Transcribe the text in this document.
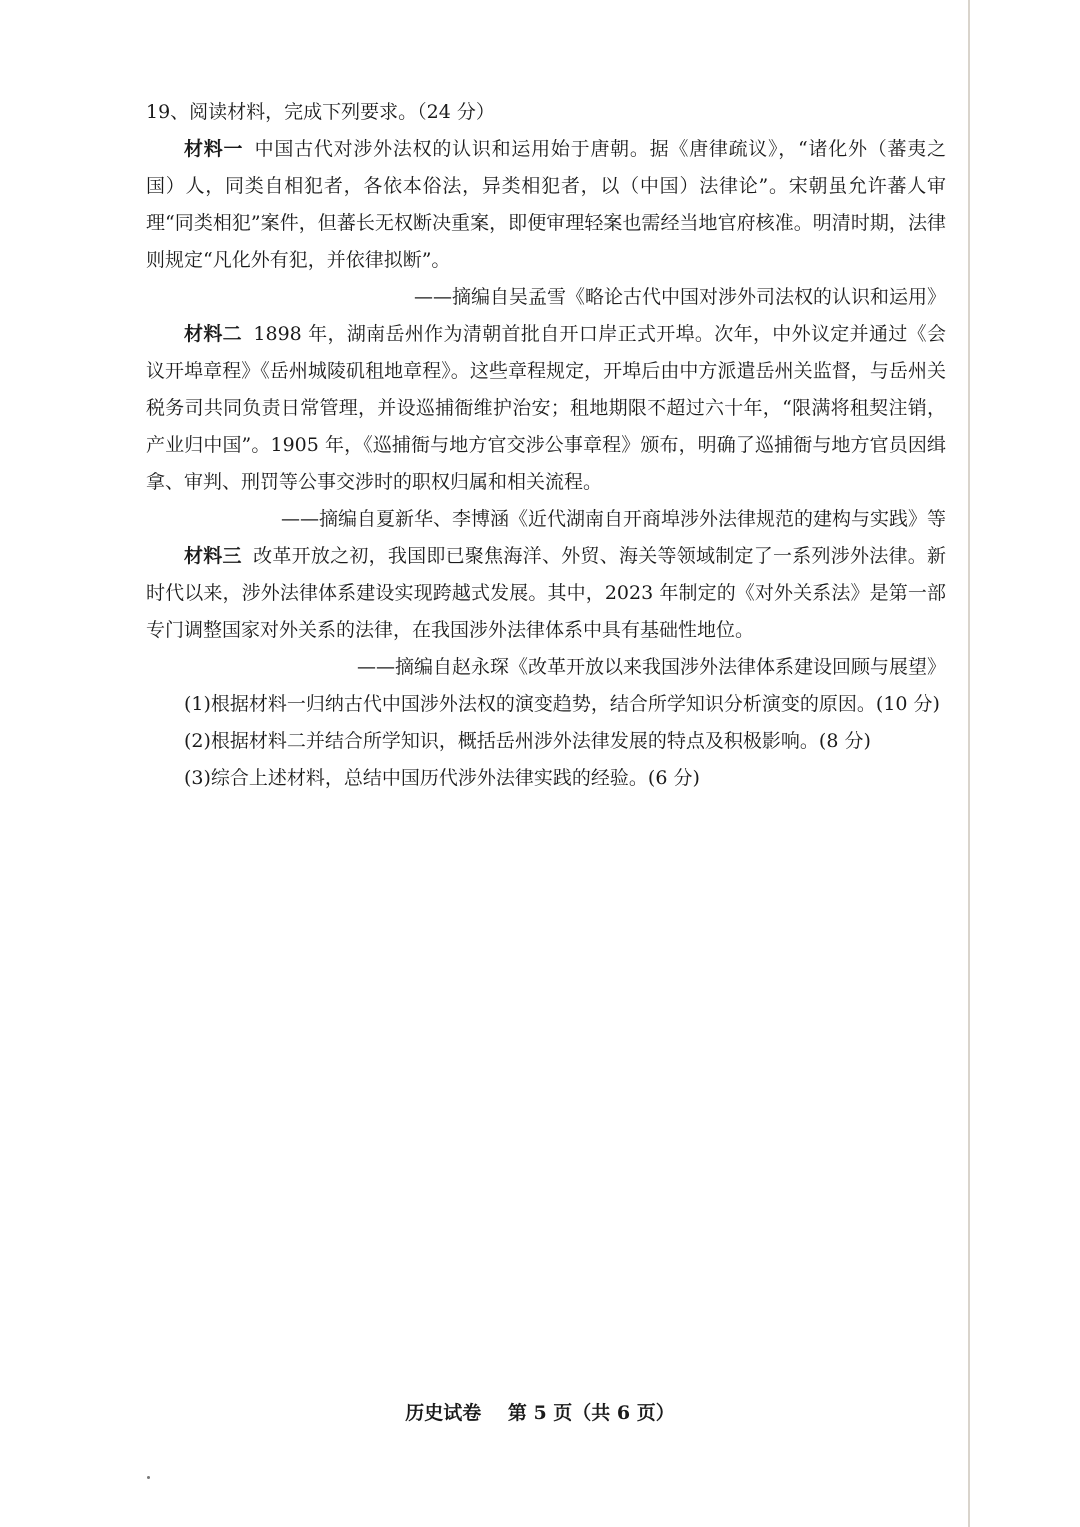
19、阅读材料，完成下列要求。（24 分）

材料一 中国古代对涉外法权的认识和运用始于唐朝。据《唐律疏议》，“诸化外（蕃夷之国）人，同类自相犯者，各依本俗法，异类相犯者，以（中国）法律论”。宋朝虽允许蕃人审理“同类相犯”案件，但蕃长无权断决重案，即便审理轻案也需经当地官府核准。明清时期，法律则规定“凡化外有犯，并依律拟断”。

——摘编自吴孟雪《略论古代中国对涉外司法权的认识和运用》

材料二 1898 年，湖南岳州作为清朝首批自开口岸正式开埠。次年，中外议定并通过《会议开埠章程》《岳州城陵矶租地章程》。这些章程规定，开埠后由中方派遣岳州关监督，与岳州关税务司共同负责日常管理，并设巡捕衙维护治安；租地期限不超过六十年，“限满将租契注销，产业归中国”。1905 年，《巡捕衙与地方官交涉公事章程》颁布，明确了巡捕衙与地方官员因缉拿、审判、刑罚等公事交涉时的职权归属和相关流程。

——摘编自夏新华、李博涵《近代湖南自开商埠涉外法律规范的建构与实践》等

材料三 改革开放之初，我国即已聚焦海洋、外贸、海关等领域制定了一系列涉外法律。新时代以来，涉外法律体系建设实现跨越式发展。其中，2023 年制定的《对外关系法》是第一部专门调整国家对外关系的法律，在我国涉外法律体系中具有基础性地位。

——摘编自赵永琛《改革开放以来我国涉外法律体系建设回顾与展望》

(1)根据材料一归纳古代中国涉外法权的演变趋势，结合所学知识分析演变的原因。(10 分)

(2)根据材料二并结合所学知识，概括岳州涉外法律发展的特点及积极影响。(8 分)

(3)综合上述材料，总结中国历代涉外法律实践的经验。(6 分)

历史试卷 第 5 页（共 6 页）
